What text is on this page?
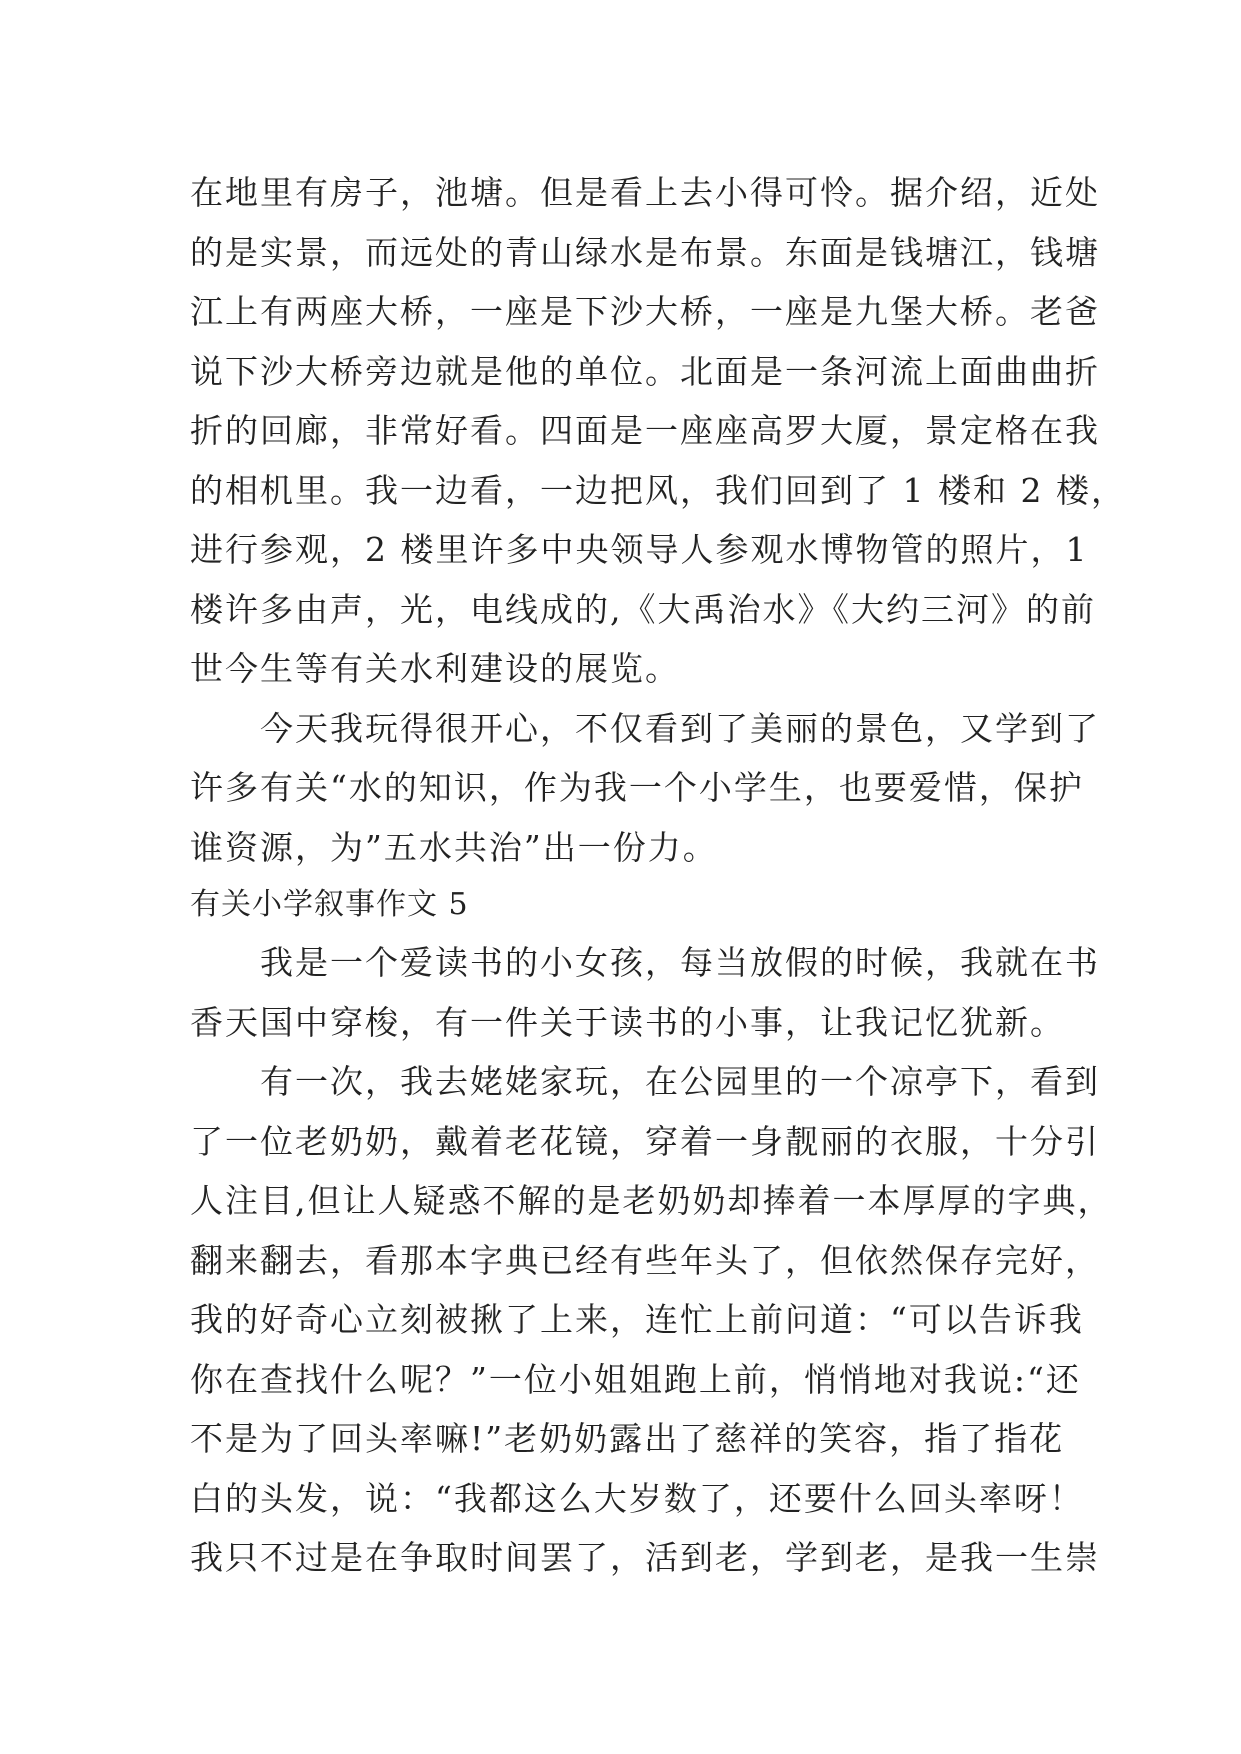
在地里有房子，池塘。但是看上去小得可怜。据介绍，近处
的是实景，而远处的青山绿水是布景。东面是钱塘江，钱塘
江上有两座大桥，一座是下沙大桥，一座是九堡大桥。老爸
说下沙大桥旁边就是他的单位。北面是一条河流上面曲曲折
折的回廊，非常好看。四面是一座座高罗大厦，景定格在我
的相机里。我一边看，一边把风，我们回到了 1 楼和 2 楼，
进行参观，2 楼里许多中央领导人参观水博物管的照片，1
楼许多由声，光，电线成的,《大禹治水》《大约三河》的前
世今生等有关水利建设的展览。
　　今天我玩得很开心，不仅看到了美丽的景色，又学到了
许多有关“水的知识，作为我一个小学生，也要爱惜，保护
谁资源，为”五水共治”出一份力。
有关小学叙事作文 5
　　我是一个爱读书的小女孩，每当放假的时候，我就在书
香天国中穿梭，有一件关于读书的小事，让我记忆犹新。
　　有一次，我去姥姥家玩，在公园里的一个凉亭下，看到
了一位老奶奶，戴着老花镜，穿着一身靓丽的衣服，十分引
人注目,但让人疑惑不解的是老奶奶却捧着一本厚厚的字典，
翻来翻去，看那本字典已经有些年头了，但依然保存完好，
我的好奇心立刻被揪了上来，连忙上前问道：“可以告诉我
你在查找什么呢？”一位小姐姐跑上前，悄悄地对我说:“还
不是为了回头率嘛!”老奶奶露出了慈祥的笑容，指了指花
白的头发，说：“我都这么大岁数了，还要什么回头率呀！
我只不过是在争取时间罢了，活到老，学到老，是我一生崇
